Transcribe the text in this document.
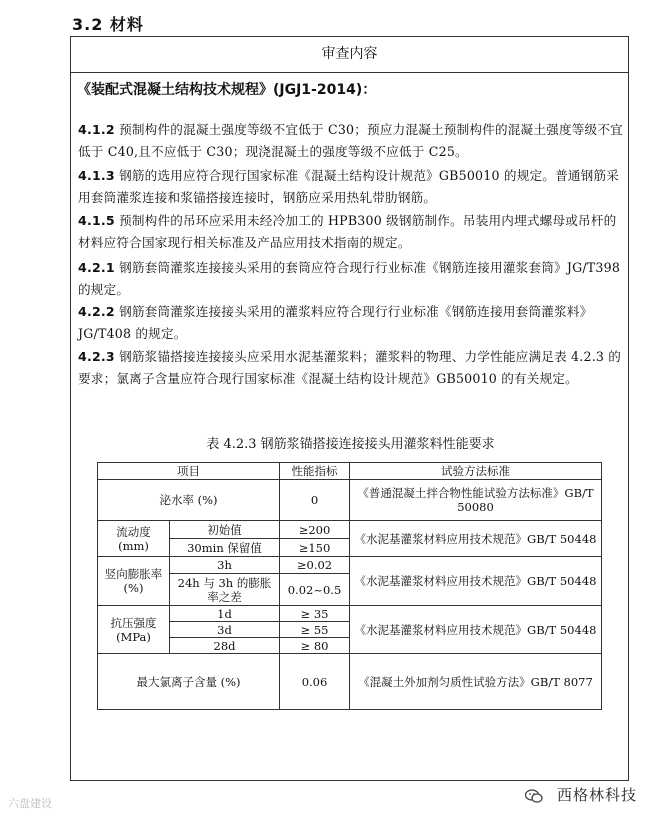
3.2 材料
审查内容
《装配式混凝土结构技术规程》(JGJ1-2014)：
4.1.2 预制构件的混凝土强度等级不宜低于 C30；预应力混凝土预制构件的混凝土强度等级不宜低于 C40,且不应低于 C30；现浇混凝土的强度等级不应低于 C25。
4.1.3 钢筋的选用应符合现行国家标准《混凝土结构设计规范》GB50010 的规定。普通钢筋采用套筒灌浆连接和浆锚搭接连接时，钢筋应采用热轧带肋钢筋。
4.1.5 预制构件的吊环应采用未经冷加工的 HPB300 级钢筋制作。吊装用内埋式螺母或吊杆的材料应符合国家现行相关标准及产品应用技术指南的规定。
4.2.1 钢筋套筒灌浆连接接头采用的套筒应符合现行行业标准《钢筋连接用灌浆套筒》JG/T398 的规定。
4.2.2 钢筋套筒灌浆连接接头采用的灌浆料应符合现行行业标准《钢筋连接用套筒灌浆料》JG/T408 的规定。
4.2.3 钢筋浆锚搭接连接接头应采用水泥基灌浆料；灌浆料的物理、力学性能应满足表 4.2.3 的要求；氯离子含量应符合现行国家标准《混凝土结构设计规范》GB50010 的有关规定。
表 4.2.3 钢筋浆锚搭接连接接头用灌浆料性能要求
项目		性能指标	试验方法标准
泌水率 (%)		0	《普通混凝土拌合物性能试验方法标准》GB/T 50080
流动度 (mm)	初始值	≥200	《水泥基灌浆材料应用技术规范》GB/T 50448
	30min 保留值	≥150	
竖向膨胀率 (%)	3h	≥0.02	《水泥基灌浆材料应用技术规范》GB/T 50448
	24h 与 3h 的膨胀率之差	0.02~0.5	
抗压强度 (MPa)	1d	≥ 35	《水泥基灌浆材料应用技术规范》GB/T 50448
	3d	≥ 55	
	28d	≥ 80	
最大氯离子含量 (%)		0.06	《混凝土外加剂匀质性试验方法》GB/T 8077
西格林科技
六盘建设
